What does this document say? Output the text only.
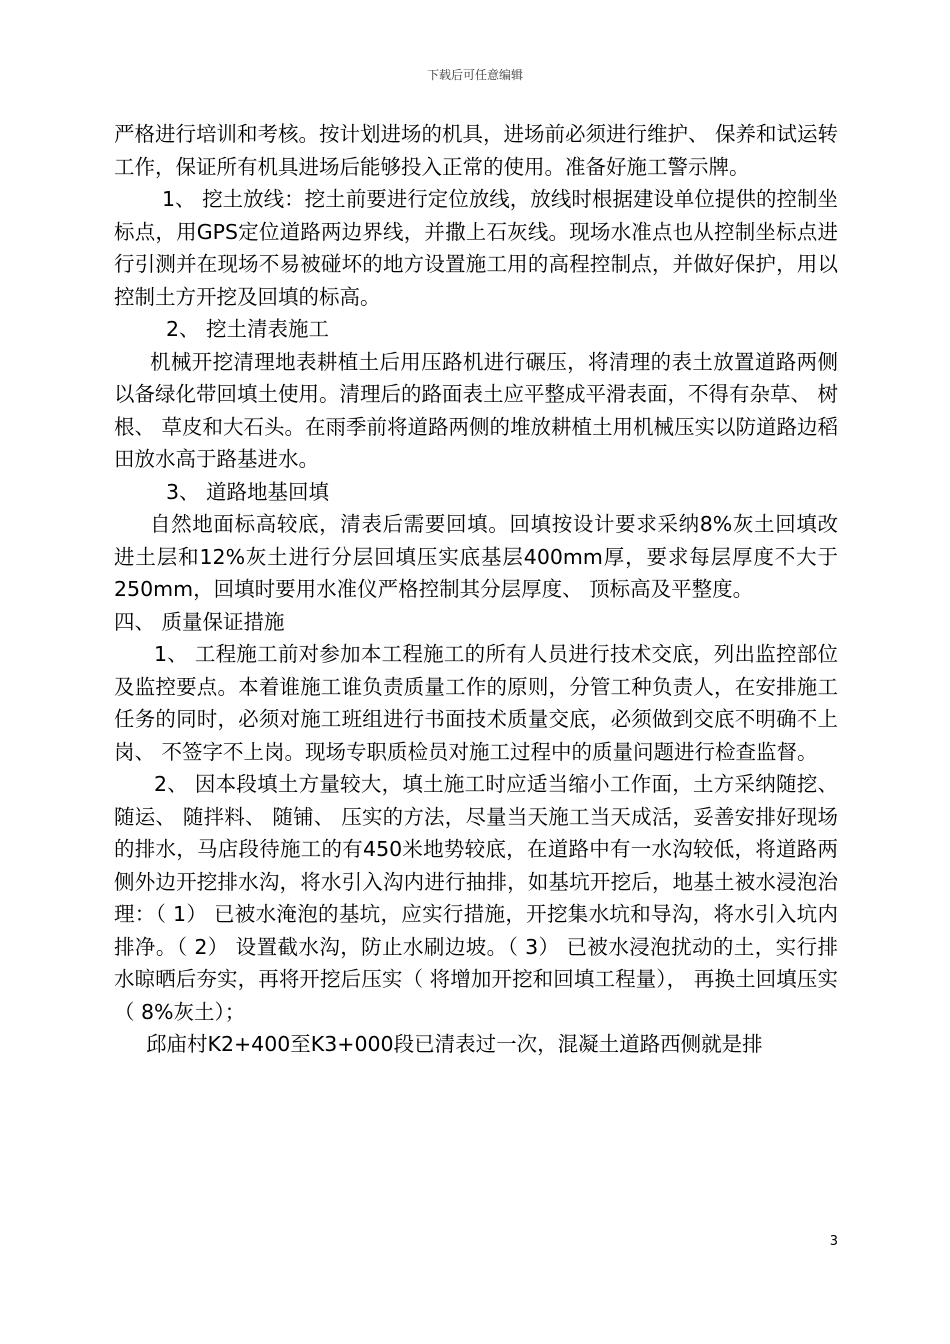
下载后可任意编辑

严格进行培训和考核。按计划进场的机具，进场前必须进行维护、 保养和试运转工作，保证所有机具进场后能够投入正常的使用。准备好施工警示牌。

1、 挖土放线：挖土前要进行定位放线，放线时根据建设单位提供的控制坐标点，用GPS定位道路两边界线，并撒上石灰线。现场水准点也从控制坐标点进行引测并在现场不易被碰坏的地方设置施工用的高程控制点，并做好保护，用以控制土方开挖及回填的标高。

2、 挖土清表施工

机械开挖清理地表耕植土后用压路机进行碾压，将清理的表土放置道路两侧以备绿化带回填土使用。清理后的路面表土应平整成平滑表面，不得有杂草、 树根、 草皮和大石头。在雨季前将道路两侧的堆放耕植土用机械压实以防道路边稻田放水高于路基进水。

3、 道路地基回填

自然地面标高较底，清表后需要回填。回填按设计要求采纳8%灰土回填改进土层和12%灰土进行分层回填压实底基层400mm厚，要求每层厚度不大于250mm，回填时要用水准仪严格控制其分层厚度、 顶标高及平整度。

四、 质量保证措施

1、 工程施工前对参加本工程施工的所有人员进行技术交底，列出监控部位及监控要点。本着谁施工谁负责质量工作的原则，分管工种负责人，在安排施工任务的同时，必须对施工班组进行书面技术质量交底，必须做到交底不明确不上岗、 不签字不上岗。现场专职质检员对施工过程中的质量问题进行检查监督。

2、 因本段填土方量较大，填土施工时应适当缩小工作面，土方采纳随挖、 随运、 随拌料、 随铺、 压实的方法，尽量当天施工当天成活，妥善安排好现场的排水，马店段待施工的有450米地势较底，在道路中有一水沟较低，将道路两侧外边开挖排水沟，将水引入沟内进行抽排，如基坑开挖后，地基土被水浸泡治理：（ 1） 已被水淹泡的基坑，应实行措施，开挖集水坑和导沟，将水引入坑内排净。（ 2） 设置截水沟，防止水刷边坡。（ 3） 已被水浸泡扰动的土，实行排水晾晒后夯实，再将开挖后压实（ 将增加开挖和回填工程量）， 再换土回填压实（ 8%灰土）；

邱庙村K2+400至K3+000段已清表过一次，混凝土道路西侧就是排

3
